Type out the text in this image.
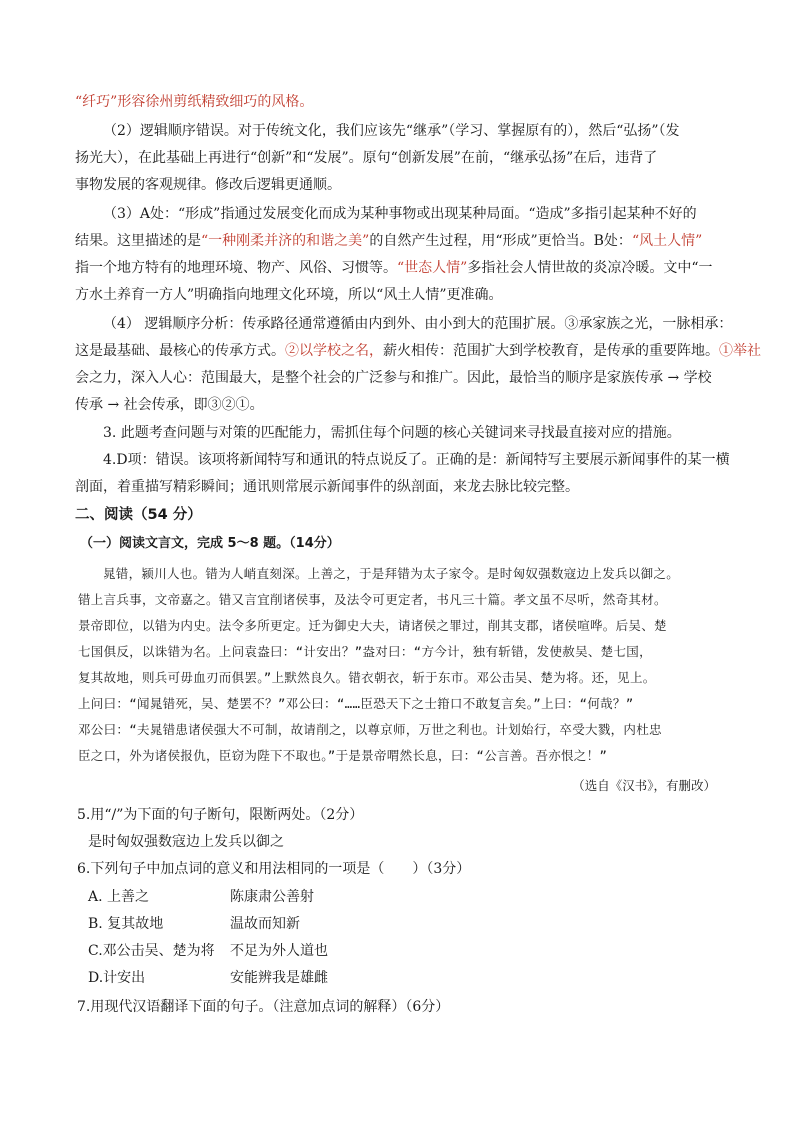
“纤巧”形容徐州剪纸精致细巧的风格。
（2）逻辑顺序错误。对于传统文化，我们应该先“继承”（学习、掌握原有的），然后“弘扬”（发
扬光大），在此基础上再进行“创新”和“发展”。原句“创新发展”在前，“继承弘扬”在后，违背了
事物发展的客观规律。修改后逻辑更通顺。
（3）A处：“形成”指通过发展变化而成为某种事物或出现某种局面。“造成”多指引起某种不好的
结果。这里描述的是“一种刚柔并济的和谐之美”的自然产生过程，用“形成”更恰当。B处：“风土人情”
指一个地方特有的地理环境、物产、风俗、习惯等。“世态人情”多指社会人情世故的炎凉冷暖。文中“一
方水土养育一方人”明确指向地理文化环境，所以“风土人情”更准确。
（4） 逻辑顺序分析：传承路径通常遵循由内到外、由小到大的范围扩展。③承家族之光，一脉相承：
这是最基础、最核心的传承方式。②以学校之名，薪火相传：范围扩大到学校教育，是传承的重要阵地。①举社
会之力，深入人心：范围最大，是整个社会的广泛参与和推广。因此，最恰当的顺序是家族传承 → 学校
传承 → 社会传承，即③②①。
3. 此题考查问题与对策的匹配能力，需抓住每个问题的核心关键词来寻找最直接对应的措施。
4.D项：错误。该项将新闻特写和通讯的特点说反了。正确的是：新闻特写主要展示新闻事件的某一横
剖面，着重描写精彩瞬间；通讯则常展示新闻事件的纵剖面，来龙去脉比较完整。
二、阅读（54 分）
（一）阅读文言文，完成 5～8 题。（14分）
晁错，颍川人也。错为人峭直刻深。上善之，于是拜错为太子家令。是时匈奴强数寇边上发兵以御之。
错上言兵事，文帝嘉之。错又言宜削诸侯事，及法令可更定者，书凡三十篇。孝文虽不尽听，然奇其材。
景帝即位，以错为内史。法令多所更定。迁为御史大夫，请诸侯之罪过，削其支郡，诸侯喧哗。后吴、楚
七国俱反，以诛错为名。上问袁盎曰：“计安出？”盎对曰：“方今计，独有斩错，发使赦吴、楚七国，
复其故地，则兵可毋血刃而俱罢。”上默然良久。错衣朝衣，斩于东市。邓公击吴、楚为将。还，见上。
上问曰：“闻晁错死，吴、楚罢不？”邓公曰：“……臣恐天下之士箝口不敢复言矣。”上曰：“何哉？”
邓公曰：“夫晁错患诸侯强大不可制，故请削之，以尊京师，万世之利也。计划始行，卒受大戮，内杜忠
臣之口，外为诸侯报仇，臣窃为陛下不取也。”于是景帝喟然长息，曰：“公言善。吾亦恨之！”
（选自《汉书》，有删改）
5.用“/”为下面的句子断句，限断两处。（2分）
是时匈奴强数寇边上发兵以御之
6.下列句子中加点词的意义和用法相同的一项是（　　）（3分）
A. 上善之	陈康肃公善射
B. 复其故地	温故而知新
C.邓公击吴、楚为将 不足为外人道也
D.计安出	安能辨我是雄雌
7.用现代汉语翻译下面的句子。（注意加点词的解释）（6分）
